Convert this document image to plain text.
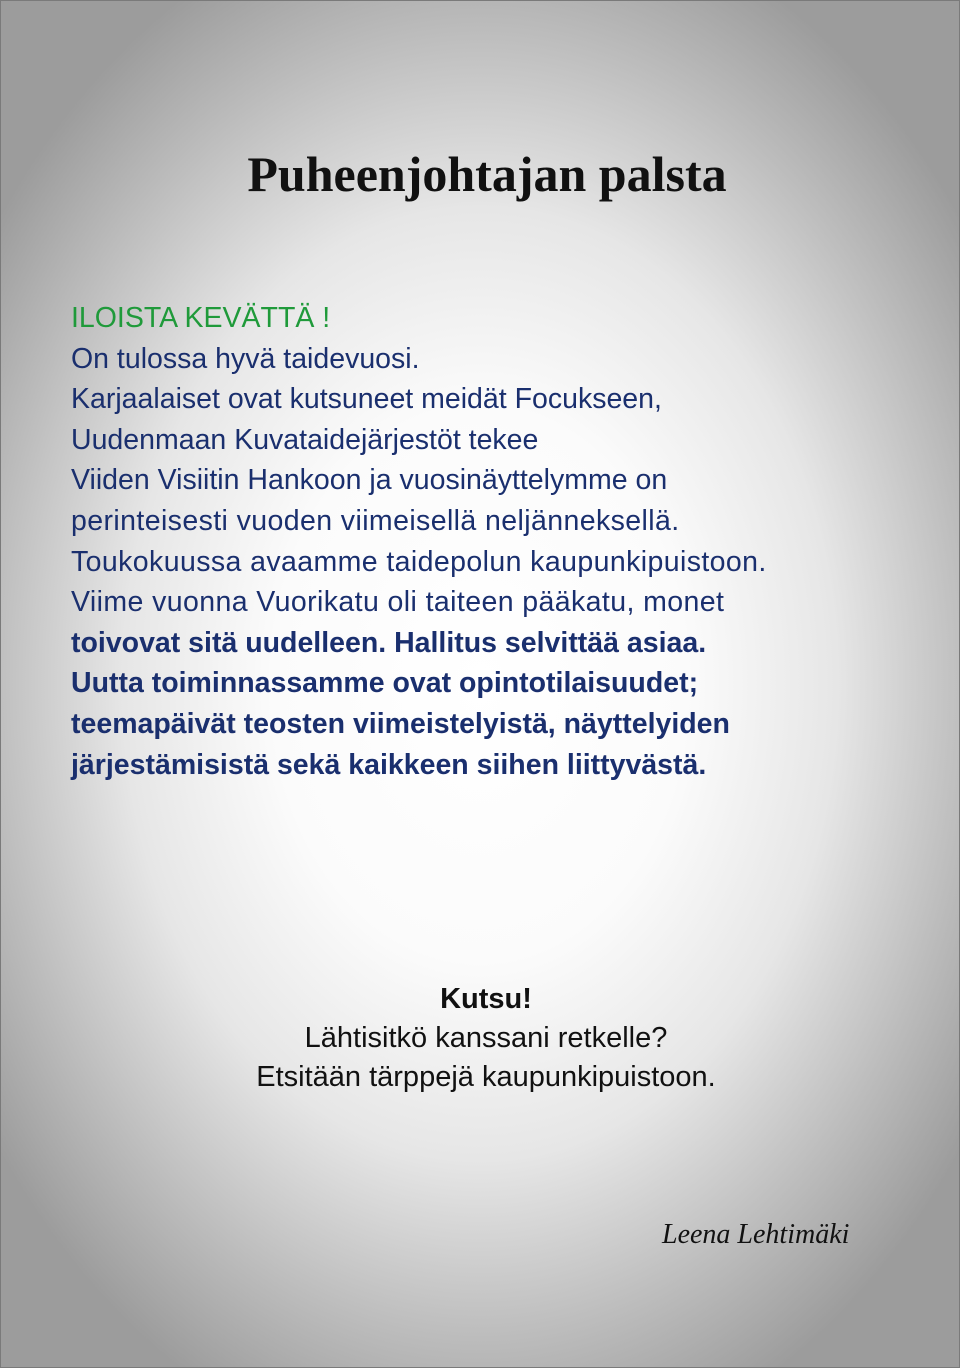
Puheenjohtajan palsta
ILOISTA KEVÄTTÄ !
On tulossa hyvä taidevuosi.
Karjaalaiset ovat kutsuneet meidät Focukseen,
Uudenmaan Kuvataidejärjestöt tekee
Viiden Visiitin Hankoon ja vuosinäyttelymme on
perinteisesti vuoden viimeisellä neljänneksellä.
Toukokuussa avaamme taidepolun kaupunkipuistoon.
Viime vuonna Vuorikatu oli taiteen pääkatu, monet
toivovat sitä uudelleen. Hallitus selvittää asiaa.
Uutta toiminnassamme ovat opintotilaisuudet;
teemapäivät teosten viimeistelyistä, näyttelyiden
järjestämisistä sekä kaikkeen siihen liittyvästä.
Kutsu!
Lähtisitkö kanssani retkelle?
Etsitään tärppejä kaupunkipuistoon.
Leena Lehtimäki
